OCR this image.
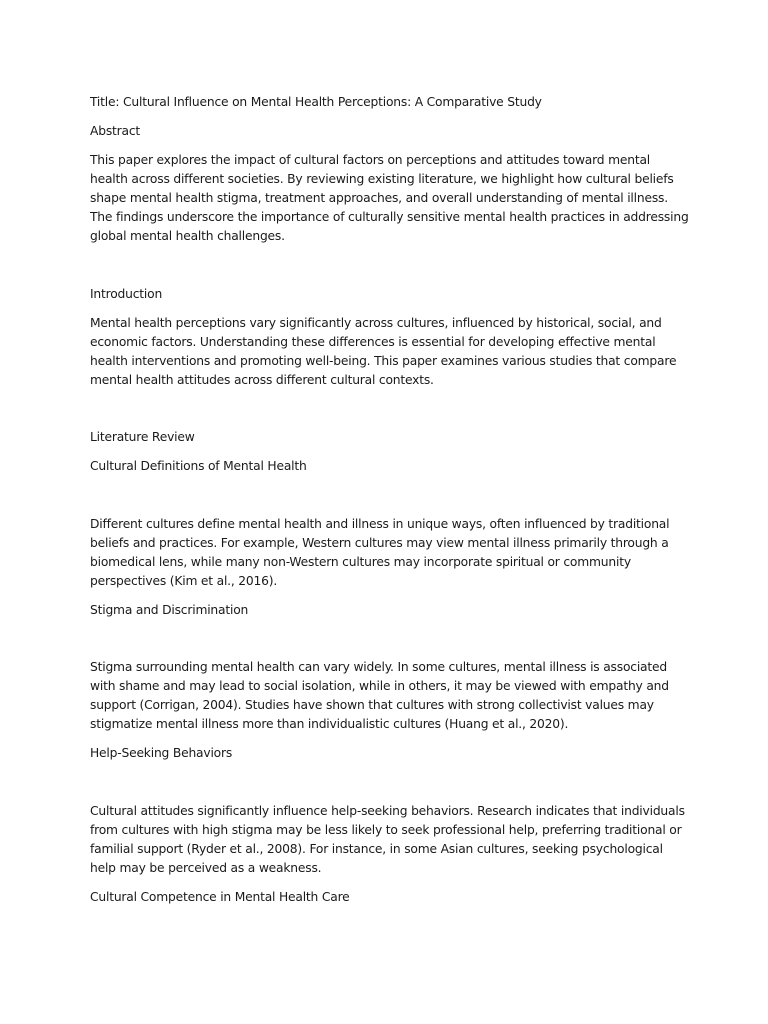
Title: Cultural Influence on Mental Health Perceptions: A Comparative Study

Abstract

This paper explores the impact of cultural factors on perceptions and attitudes toward mental health across different societies. By reviewing existing literature, we highlight how cultural beliefs shape mental health stigma, treatment approaches, and overall understanding of mental illness. The findings underscore the importance of culturally sensitive mental health practices in addressing global mental health challenges.

Introduction

Mental health perceptions vary significantly across cultures, influenced by historical, social, and economic factors. Understanding these differences is essential for developing effective mental health interventions and promoting well-being. This paper examines various studies that compare mental health attitudes across different cultural contexts.

Literature Review

Cultural Definitions of Mental Health

Different cultures define mental health and illness in unique ways, often influenced by traditional beliefs and practices. For example, Western cultures may view mental illness primarily through a biomedical lens, while many non-Western cultures may incorporate spiritual or community perspectives (Kim et al., 2016).

Stigma and Discrimination

Stigma surrounding mental health can vary widely. In some cultures, mental illness is associated with shame and may lead to social isolation, while in others, it may be viewed with empathy and support (Corrigan, 2004). Studies have shown that cultures with strong collectivist values may stigmatize mental illness more than individualistic cultures (Huang et al., 2020).

Help-Seeking Behaviors

Cultural attitudes significantly influence help-seeking behaviors. Research indicates that individuals from cultures with high stigma may be less likely to seek professional help, preferring traditional or familial support (Ryder et al., 2008). For instance, in some Asian cultures, seeking psychological help may be perceived as a weakness.

Cultural Competence in Mental Health Care
